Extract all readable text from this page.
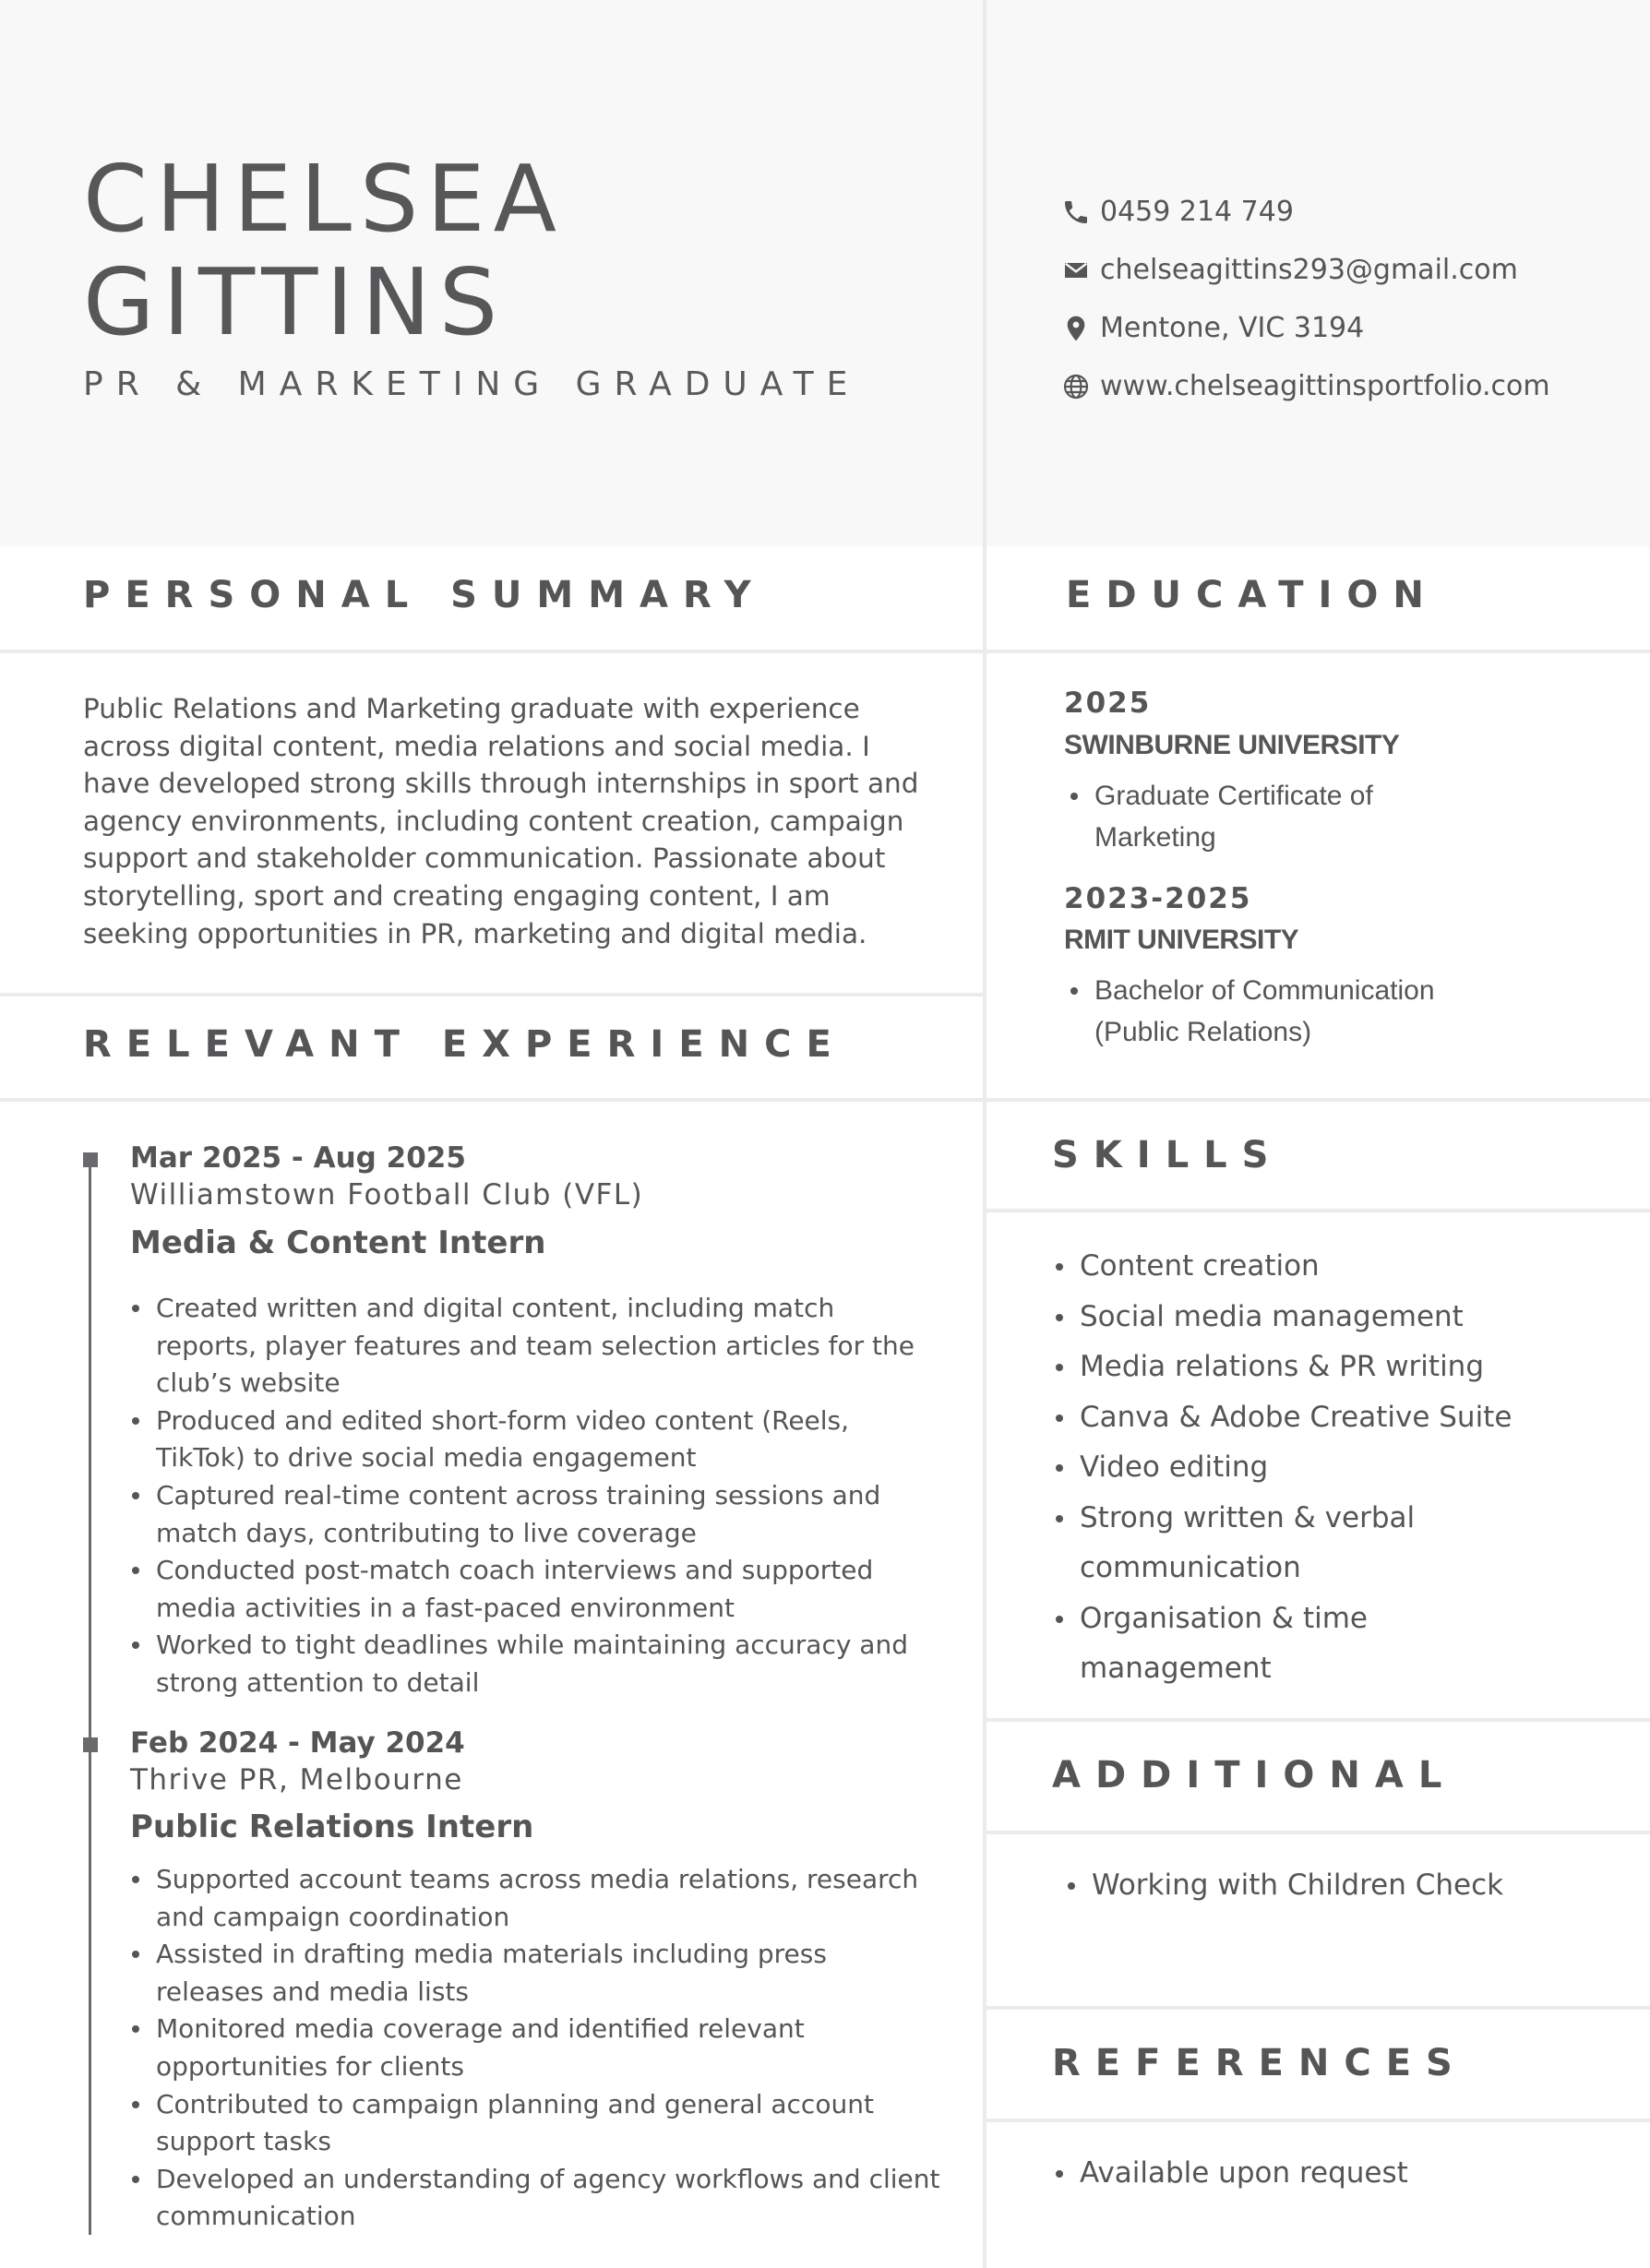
CHELSEA
GITTINS
PR & MARKETING GRADUATE
0459 214 749
chelseagittins293@gmail.com
Mentone, VIC 3194
www.chelseagittinsportfolio.com
PERSONAL SUMMARY	EDUCATION
RELEVANT EXPERIENCE
SKILLS
ADDITIONAL
REFERENCES
Public Relations and Marketing graduate with experience across digital content, media relations and social media. I have developed strong skills through internships in sport and agency environments, including content creation, campaign support and stakeholder communication. Passionate about storytelling, sport and creating engaging content, I am seeking opportunities in PR, marketing and digital media.
Mar 2025 - Aug 2025
Williamstown Football Club (VFL)
Media & Content Intern
Created written and digital content, including match reports, player features and team selection articles for the club’s website
Produced and edited short-form video content (Reels, TikTok) to drive social media engagement
Captured real-time content across training sessions and match days, contributing to live coverage
Conducted post-match coach interviews and supported media activities in a fast-paced environment
Worked to tight deadlines while maintaining accuracy and strong attention to detail
Feb 2024 - May 2024
Thrive PR, Melbourne
Public Relations Intern
Supported account teams across media relations, research and campaign coordination
Assisted in drafting media materials including press releases and media lists
Monitored media coverage and identified relevant opportunities for clients
Contributed to campaign planning and general account support tasks
Developed an understanding of agency workflows and client communication
2025
SWINBURNE UNIVERSITY
Graduate Certificate of Marketing
2023-2025
RMIT UNIVERSITY
Bachelor of Communication (Public Relations)
Content creation
Social media management
Media relations & PR writing
Canva & Adobe Creative Suite
Video editing
Strong written & verbal communication
Organisation & time management
Working with Children Check
Available upon request
